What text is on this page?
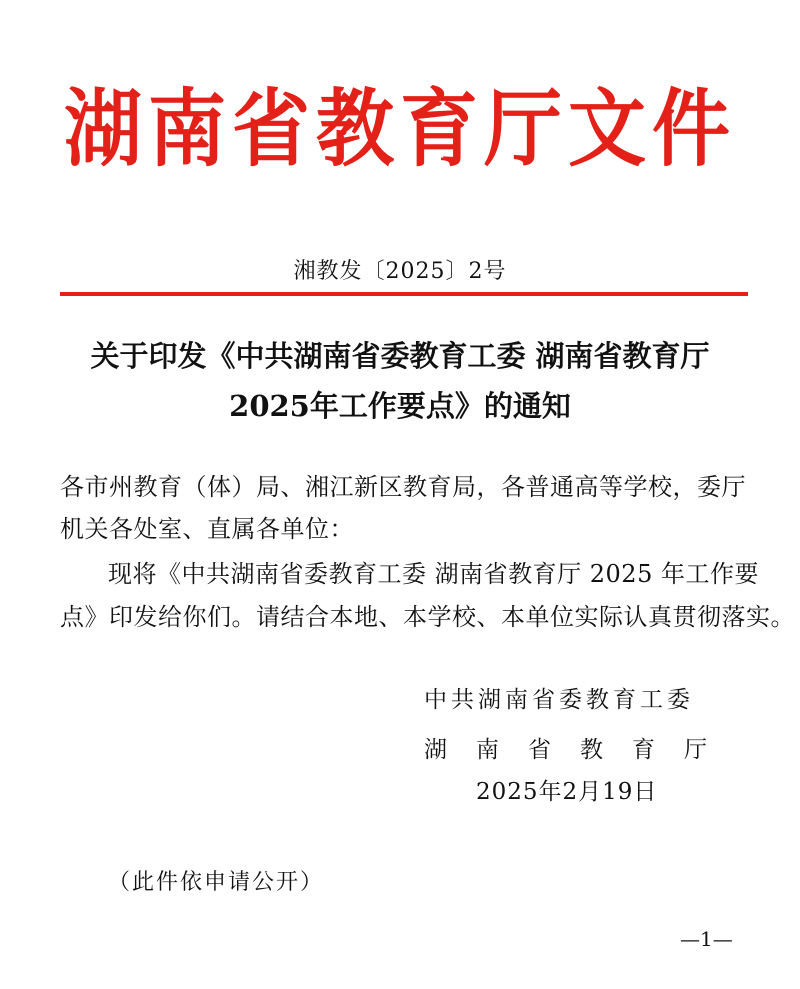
湖南省教育厅文件
湘教发〔2025〕2号
关于印发《中共湖南省委教育工委 湖南省教育厅
2025年工作要点》的通知
各市州教育（体）局、湘江新区教育局，各普通高等学校，委厅
机关各处室、直属各单位：
现将《中共湖南省委教育工委 湖南省教育厅 2025 年工作要
点》印发给你们。请结合本地、本学校、本单位实际认真贯彻落实。
中共湖南省委教育工委
湖南省教育厅
2025年2月19日
（此件依申请公开）
—1—
